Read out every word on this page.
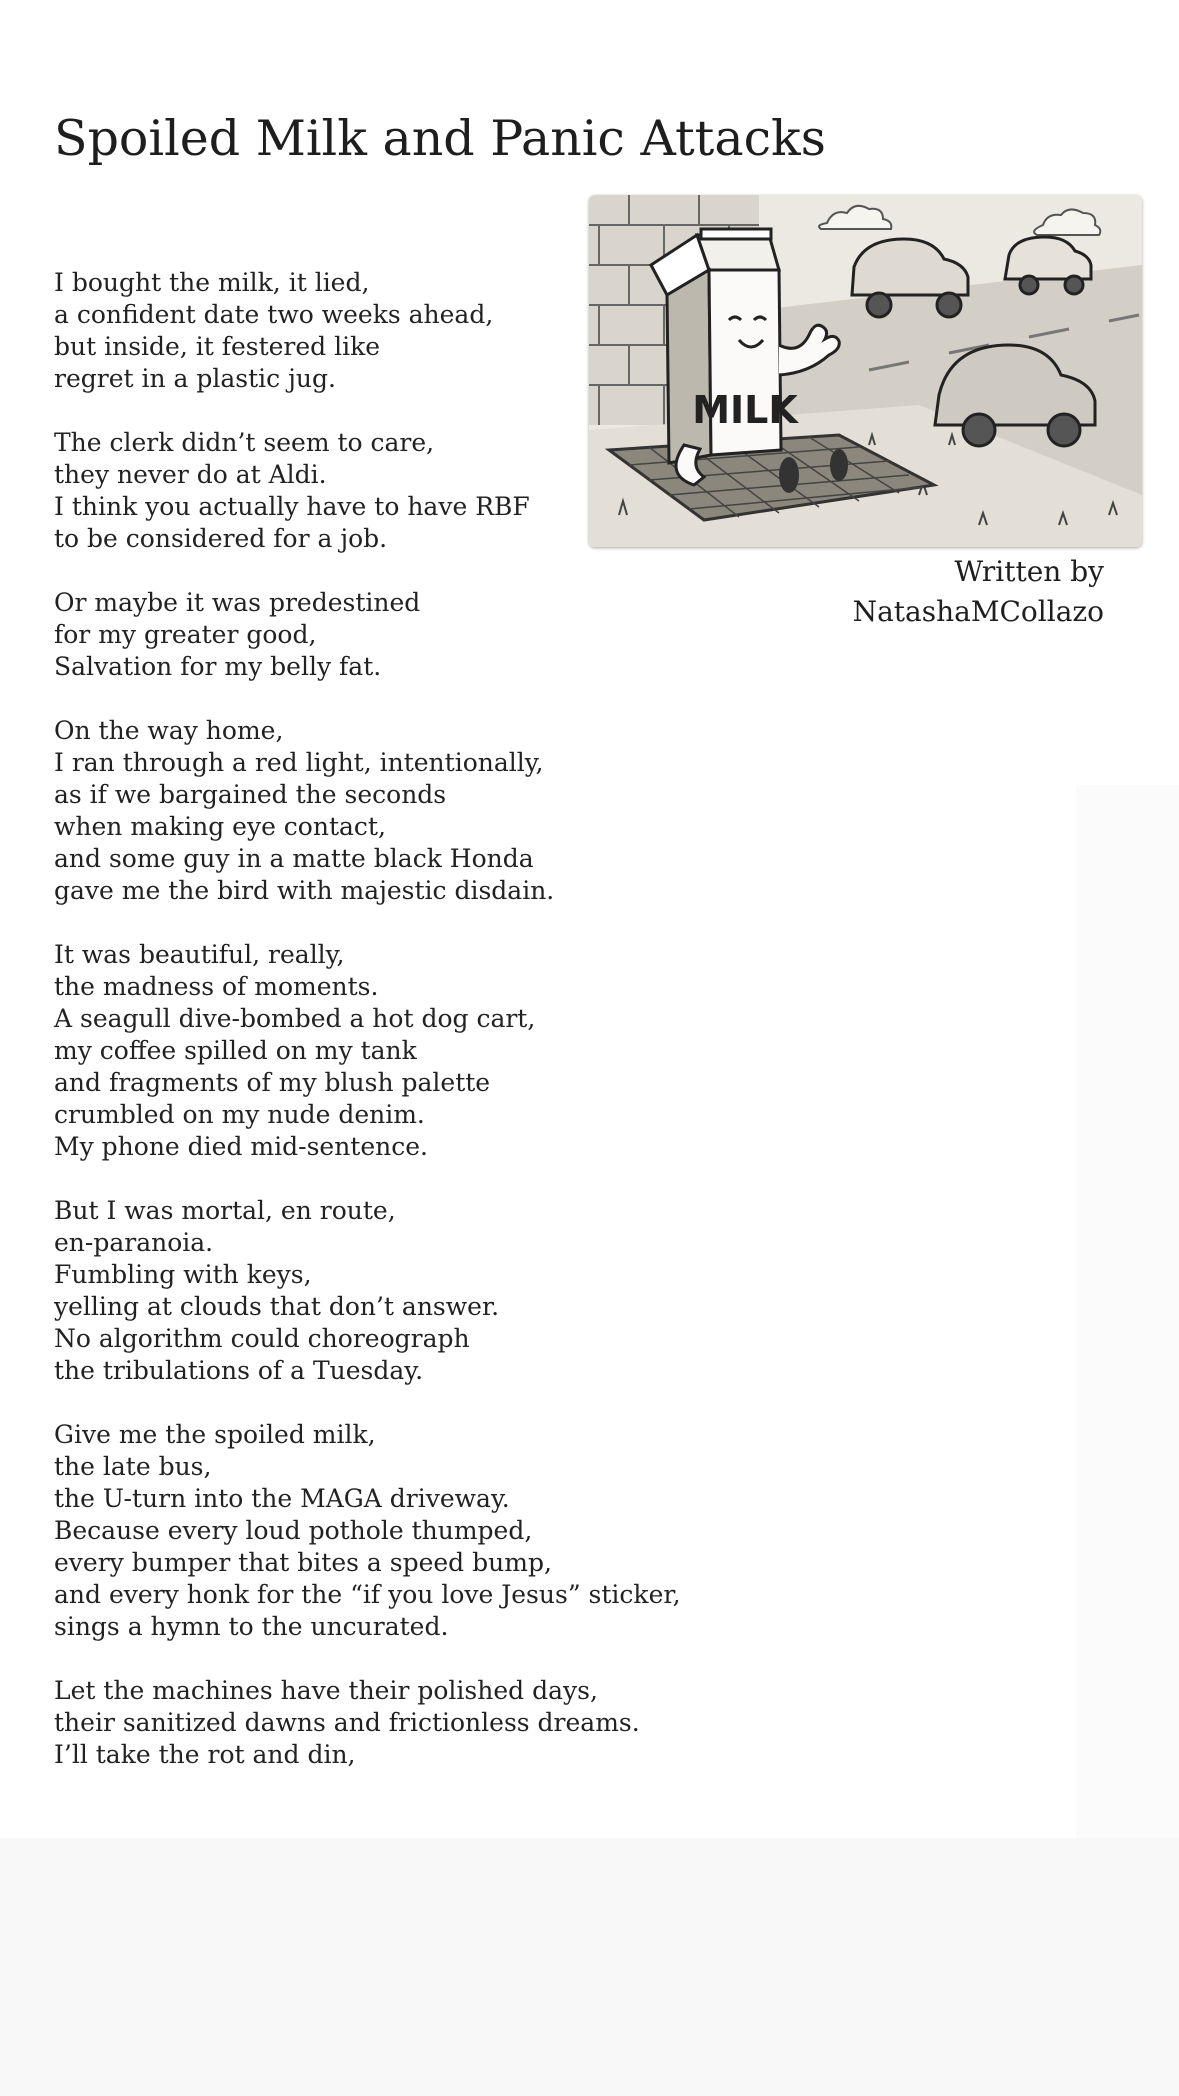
Spoiled Milk and Panic Attacks
MILK
Written by
NatashaMCollazo
I bought the milk, it lied,
a confident date two weeks ahead,
but inside, it festered like
regret in a plastic jug.
The clerk didn’t seem to care,
they never do at Aldi.
I think you actually have to have RBF
to be considered for a job.
Or maybe it was predestined
for my greater good,
Salvation for my belly fat.
On the way home,
I ran through a red light, intentionally,
as if we bargained the seconds
when making eye contact,
and some guy in a matte black Honda
gave me the bird with majestic disdain.
It was beautiful, really,
the madness of moments.
A seagull dive-bombed a hot dog cart,
my coffee spilled on my tank
and fragments of my blush palette
crumbled on my nude denim.
My phone died mid-sentence.
But I was mortal, en route,
en-paranoia.
Fumbling with keys,
yelling at clouds that don’t answer.
No algorithm could choreograph
the tribulations of a Tuesday.
Give me the spoiled milk,
the late bus,
the U-turn into the MAGA driveway.
Because every loud pothole thumped,
every bumper that bites a speed bump,
and every honk for the “if you love Jesus” sticker,
sings a hymn to the uncurated.
Let the machines have their polished days,
their sanitized dawns and frictionless dreams.
I’ll take the rot and din,
